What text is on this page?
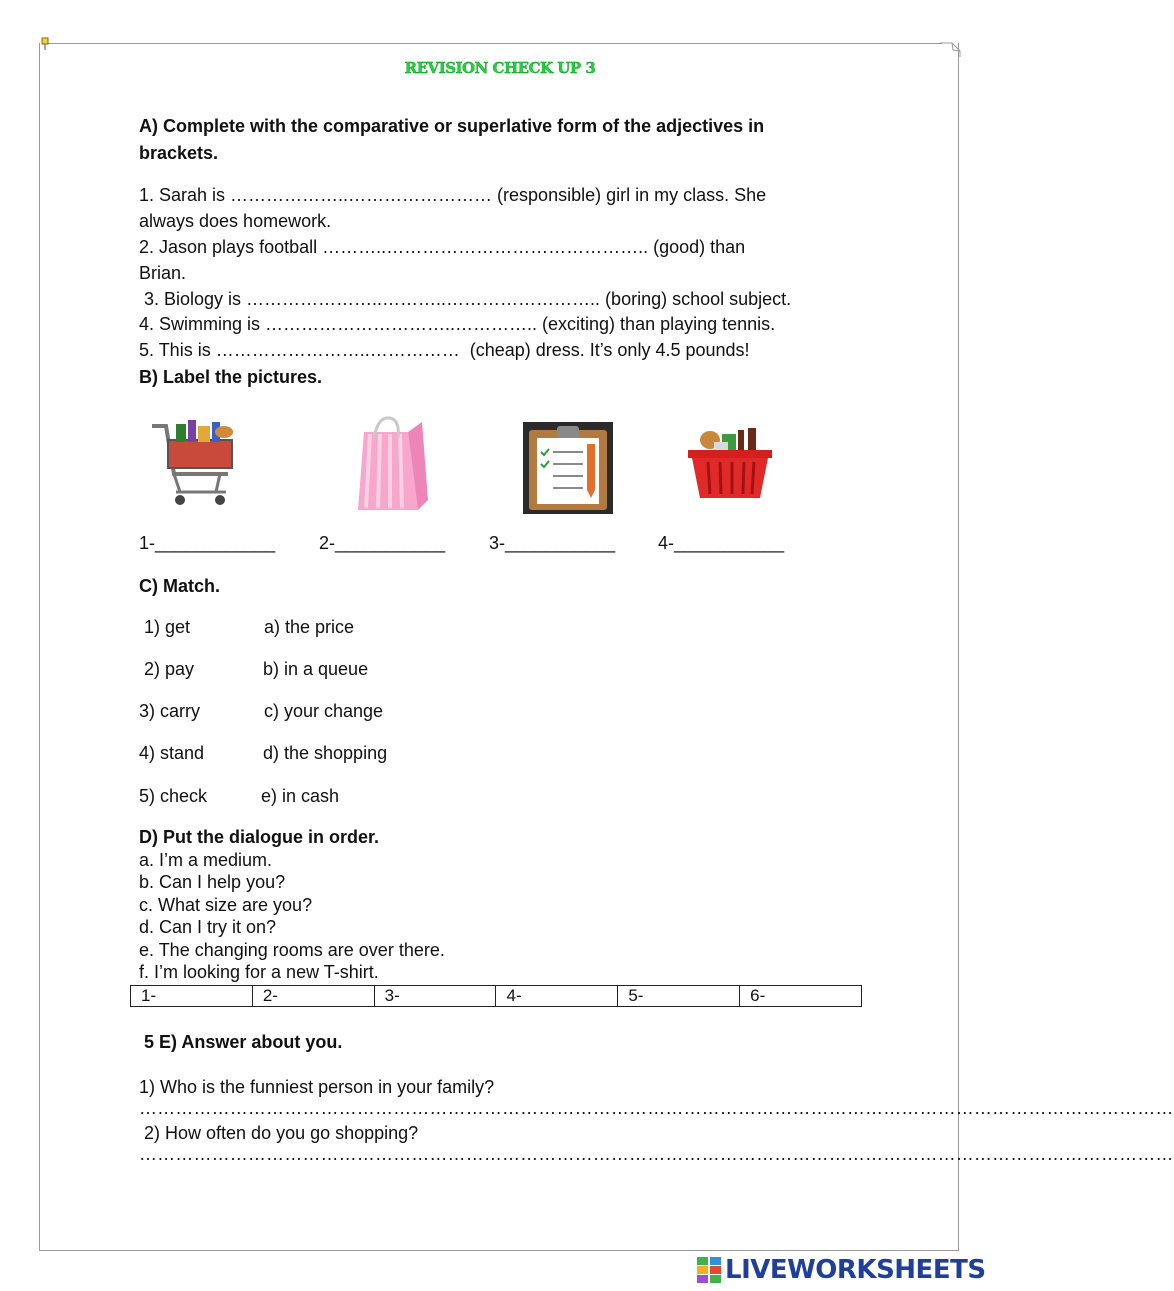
REVISION CHECK UP 3
A) Complete with the comparative or superlative form of the adjectives in
brackets.
1. Sarah is ………………..…………………… (responsible) girl in my class. She
always does homework.
2. Jason plays football ………..…………………………………….. (good) than
Brian.
3. Biology is …………………..………..…………………….. (boring) school subject.
4. Swimming is …………………………..………….. (exciting) than playing tennis.
5. This is ……………………..……………  (cheap) dress. It’s only 4.5 pounds!
B) Label the pictures.
1-____________ 2-___________ 3-___________ 4-___________
C) Match.
1) get	a) the price
2) pay	b) in a queue
3) carry	c) your change
4) stand	d) the shopping
5) check	e) in cash
D) Put the dialogue in order.
a. I’m a medium.
b. Can I help you?
c. What size are you?
d. Can I try it on?
e. The changing rooms are over there.
f. I’m looking for a new T-shirt.
1-	2-	3-	4-	5-	6-
5 E) Answer about you.
1) Who is the funniest person in your family?
………………………………………………………………………………………………………………………………………………………
2) How often do you go shopping?
………………………………………………………………………………………………………………………………………………………
LIVEWORKSHEETS
